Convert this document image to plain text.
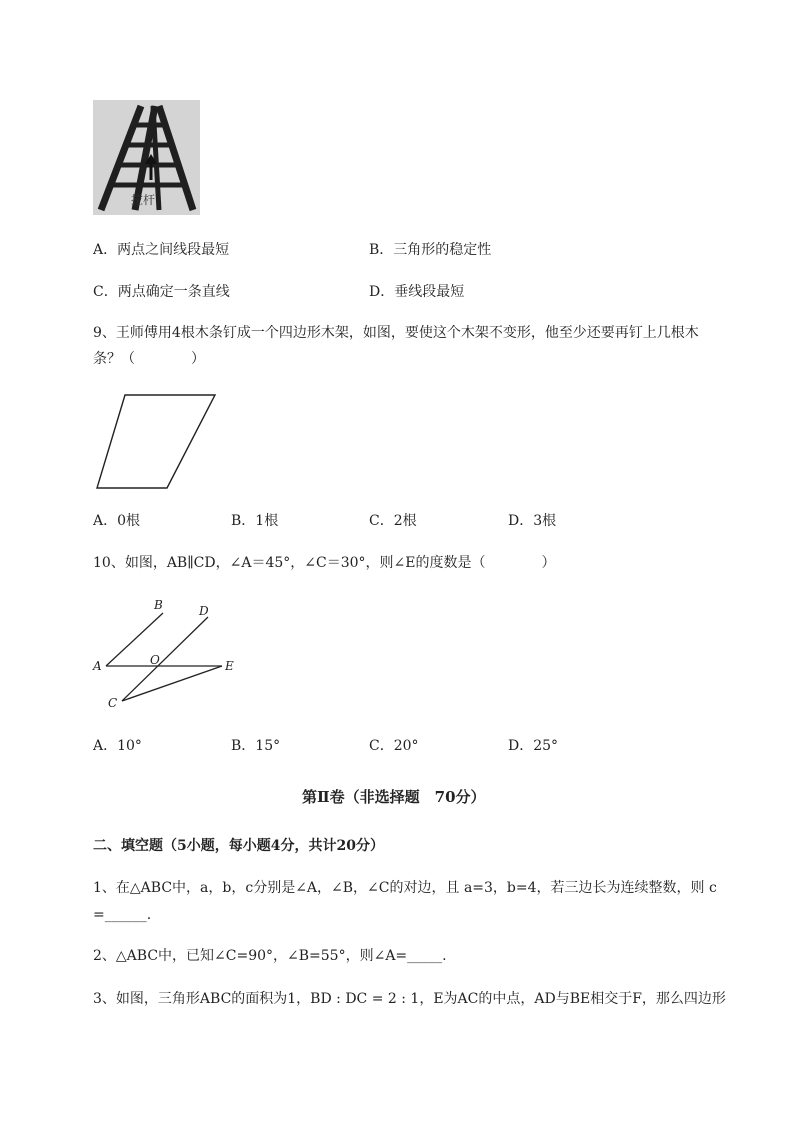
拉杆
A．两点之间线段最短	B．三角形的稳定性
C．两点确定一条直线	D．垂线段最短
9、王师傅用4根木条钉成一个四边形木架，如图，要使这个木架不变形，他至少还要再钉上几根木
条？（　　　　）
A．0根	B．1根	C．2根	D．3根
10、如图，AB∥CD，∠A＝45°，∠C＝30°，则∠E的度数是（　　　　）
B	D
A	O	E
C
A．10°	B．15°	C．20°	D．25°
第Ⅱ卷（非选择题　70分）
二、填空题（5小题，每小题4分，共计20分）
1、在△ABC中，a，b，c分别是∠A，∠B，∠C的对边，且 a=3，b=4，若三边长为连续整数，则 c
=______.
2、△ABC中，已知∠C=90°，∠B=55°，则∠A=_____.
3、如图，三角形ABC的面积为1，BD : DC = 2 : 1，E为AC的中点，AD与BE相交于F，那么四边形
